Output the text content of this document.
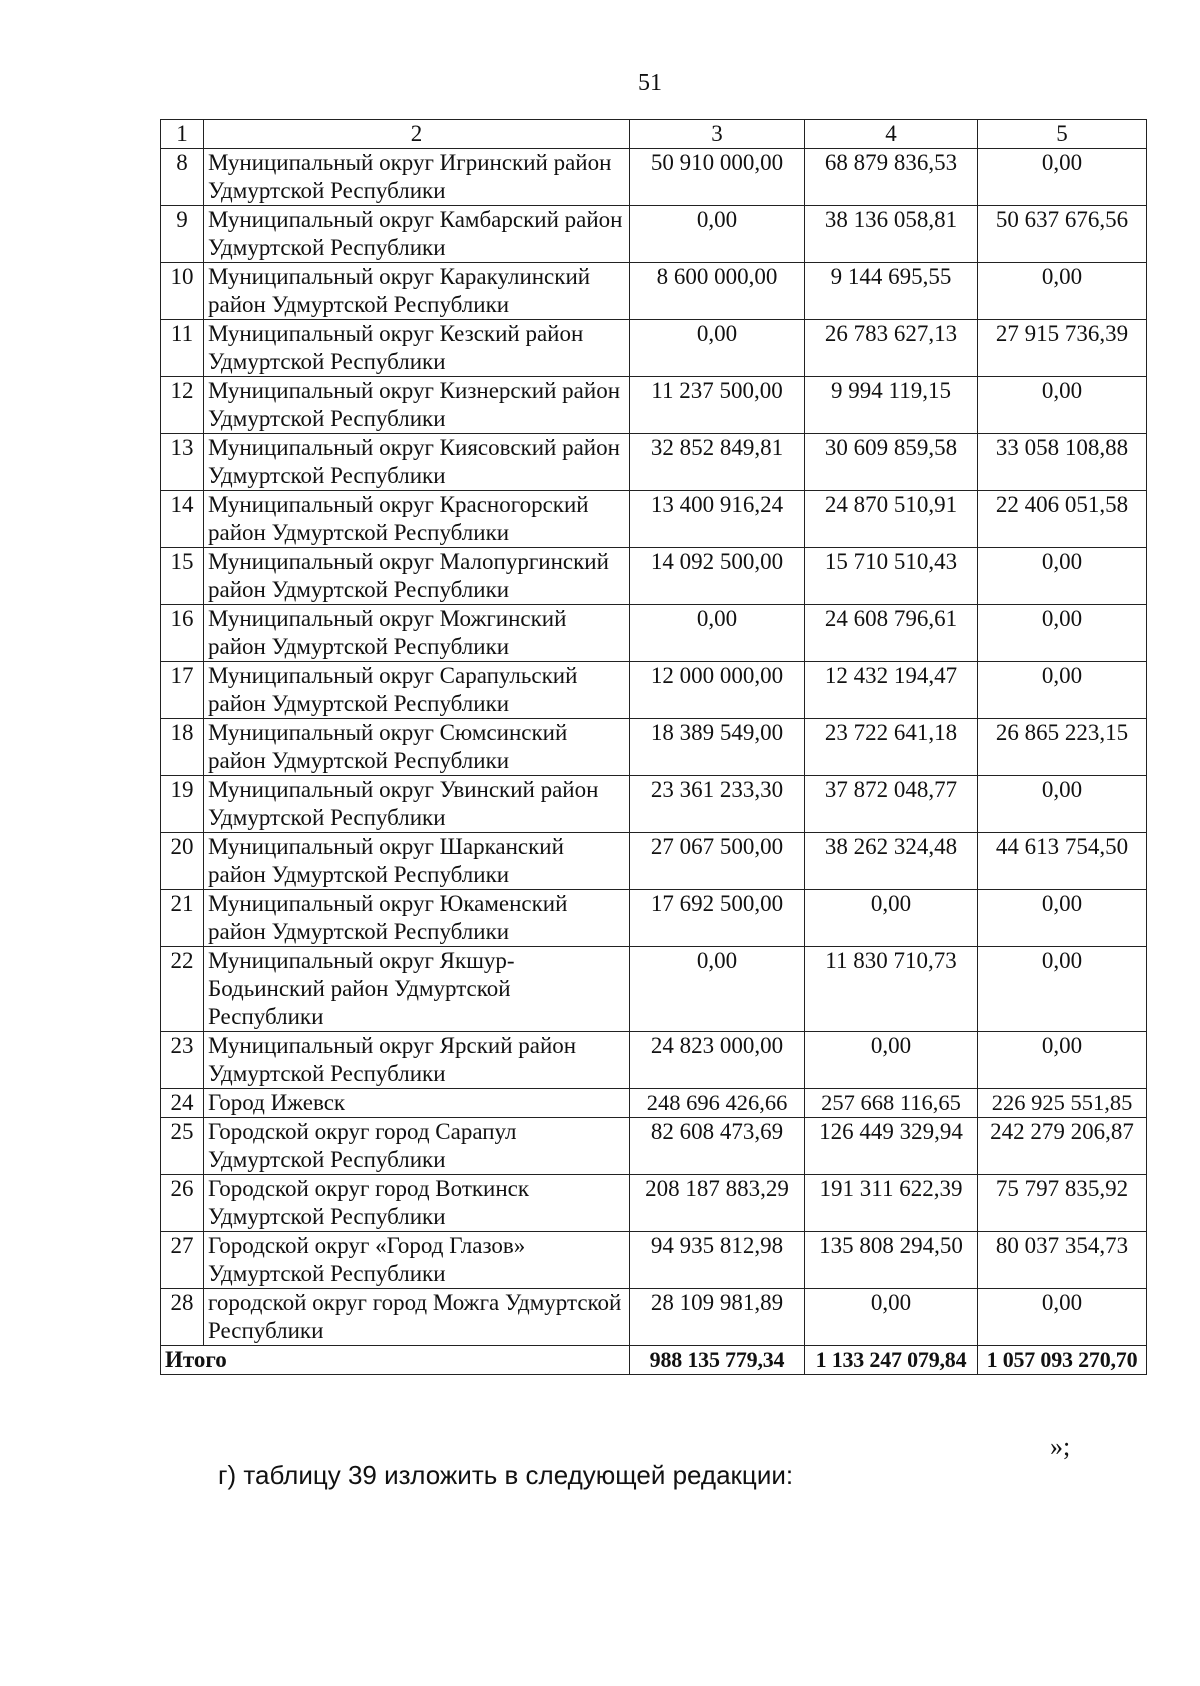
51
1	2	3	4	5
8	Муниципальный округ Игринский район Удмуртской Республики	50 910 000,00	68 879 836,53	0,00
9	Муниципальный округ Камбарский район Удмуртской Республики	0,00	38 136 058,81	50 637 676,56
10	Муниципальный округ Каракулинский район Удмуртской Республики	8 600 000,00	9 144 695,55	0,00
11	Муниципальный округ Кезский район Удмуртской Республики	0,00	26 783 627,13	27 915 736,39
12	Муниципальный округ Кизнерский район Удмуртской Республики	11 237 500,00	9 994 119,15	0,00
13	Муниципальный округ Киясовский район Удмуртской Республики	32 852 849,81	30 609 859,58	33 058 108,88
14	Муниципальный округ Красногорский район Удмуртской Республики	13 400 916,24	24 870 510,91	22 406 051,58
15	Муниципальный округ Малопургинский район Удмуртской Республики	14 092 500,00	15 710 510,43	0,00
16	Муниципальный округ Можгинский район Удмуртской Республики	0,00	24 608 796,61	0,00
17	Муниципальный округ Сарапульский район Удмуртской Республики	12 000 000,00	12 432 194,47	0,00
18	Муниципальный округ Сюмсинский район Удмуртской Республики	18 389 549,00	23 722 641,18	26 865 223,15
19	Муниципальный округ Увинский район Удмуртской Республики	23 361 233,30	37 872 048,77	0,00
20	Муниципальный округ Шарканский район Удмуртской Республики	27 067 500,00	38 262 324,48	44 613 754,50
21	Муниципальный округ Юкаменский район Удмуртской Республики	17 692 500,00	0,00	0,00
22	Муниципальный округ Якшур-Бодьинский район Удмуртской Республики	0,00	11 830 710,73	0,00
23	Муниципальный округ Ярский район Удмуртской Республики	24 823 000,00	0,00	0,00
24	Город Ижевск	248 696 426,66	257 668 116,65	226 925 551,85
25	Городской округ город Сарапул Удмуртской Республики	82 608 473,69	126 449 329,94	242 279 206,87
26	Городской округ город Воткинск Удмуртской Республики	208 187 883,29	191 311 622,39	75 797 835,92
27	Городской округ «Город Глазов» Удмуртской Республики	94 935 812,98	135 808 294,50	80 037 354,73
28	городской округ город Можга Удмуртской Республики	28 109 981,89	0,00	0,00
Итого		988 135 779,34	1 133 247 079,84	1 057 093 270,70
»;
г) таблицу 39 изложить в следующей редакции:
